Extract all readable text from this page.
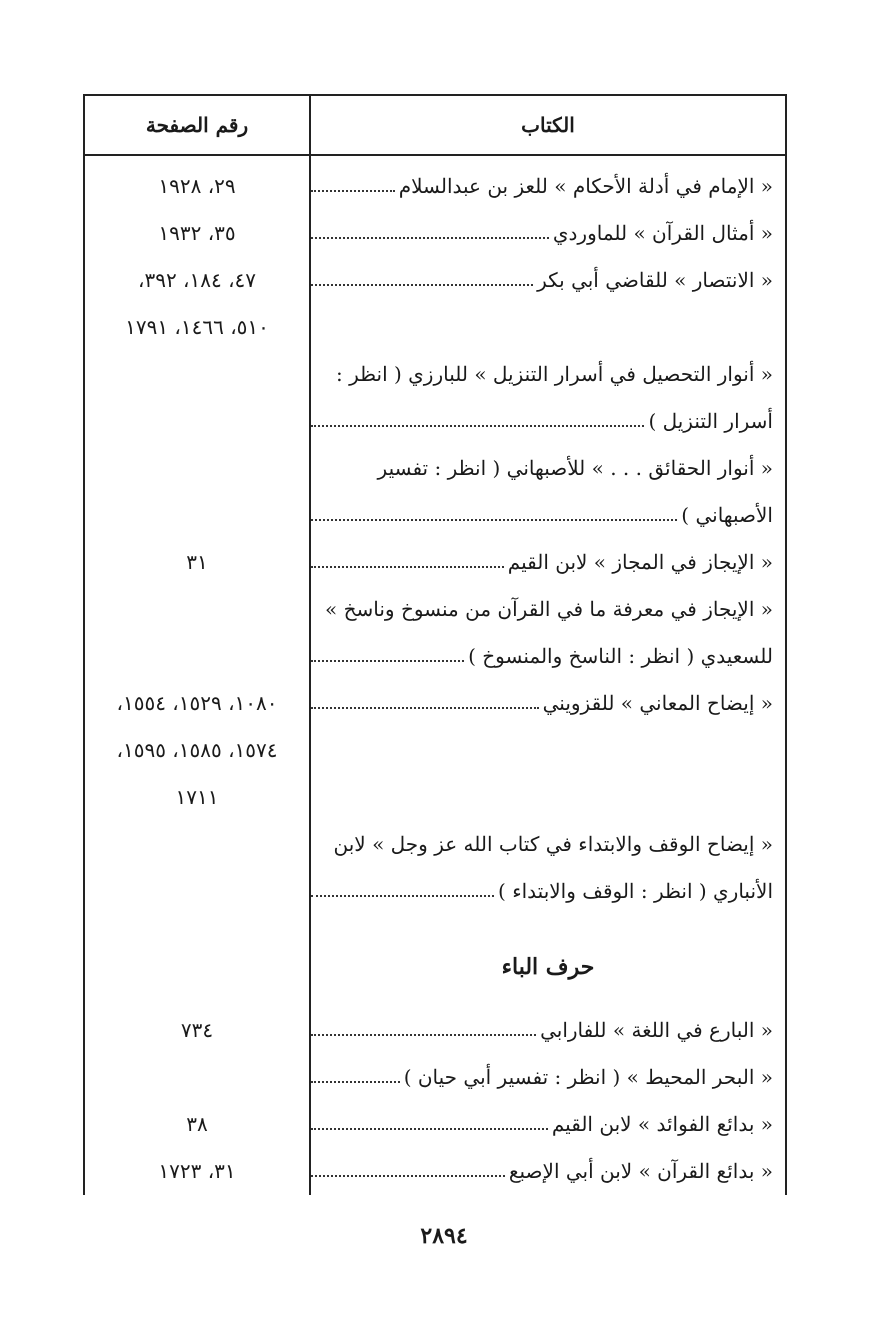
الكتاب
رقم الصفحة
« الإمام في أدلة الأحكام » للعز بن عبدالسلام
« أمثال القرآن » للماوردي
« الانتصار » للقاضي أبي بكر
« أنوار التحصيل في أسرار التنزيل » للبارزي ( انظر :
أسرار التنزيل )
« أنوار الحقائق . . . » للأصبهاني ( انظر : تفسير
الأصبهاني )
« الإيجاز في المجاز » لابن القيم
« الإيجاز في معرفة ما في القرآن من منسوخ وناسخ »
للسعيدي ( انظر : الناسخ والمنسوخ )
« إيضاح المعاني » للقزويني
« إيضاح الوقف والابتداء في كتاب الله عز وجل » لابن
الأنباري ( انظر : الوقف والابتداء )
حرف الباء
« البارع في اللغة » للفارابي
« البحر المحيط » ( انظر : تفسير أبي حيان )
« بدائع الفوائد » لابن القيم
« بدائع القرآن » لابن أبي الإصبع
٢٩، ١٩٢٨
٣٥، ١٩٣٢
٤٧، ١٨٤، ٣٩٢،
٥١٠، ١٤٦٦، ١٧٩١
٣١
١٠٨٠، ١٥٢٩، ١٥٥٤،
١٥٧٤، ١٥٨٥، ١٥٩٥،
١٧١١
٧٣٤
٣٨
٣١، ١٧٢٣
٢٨٩٤
